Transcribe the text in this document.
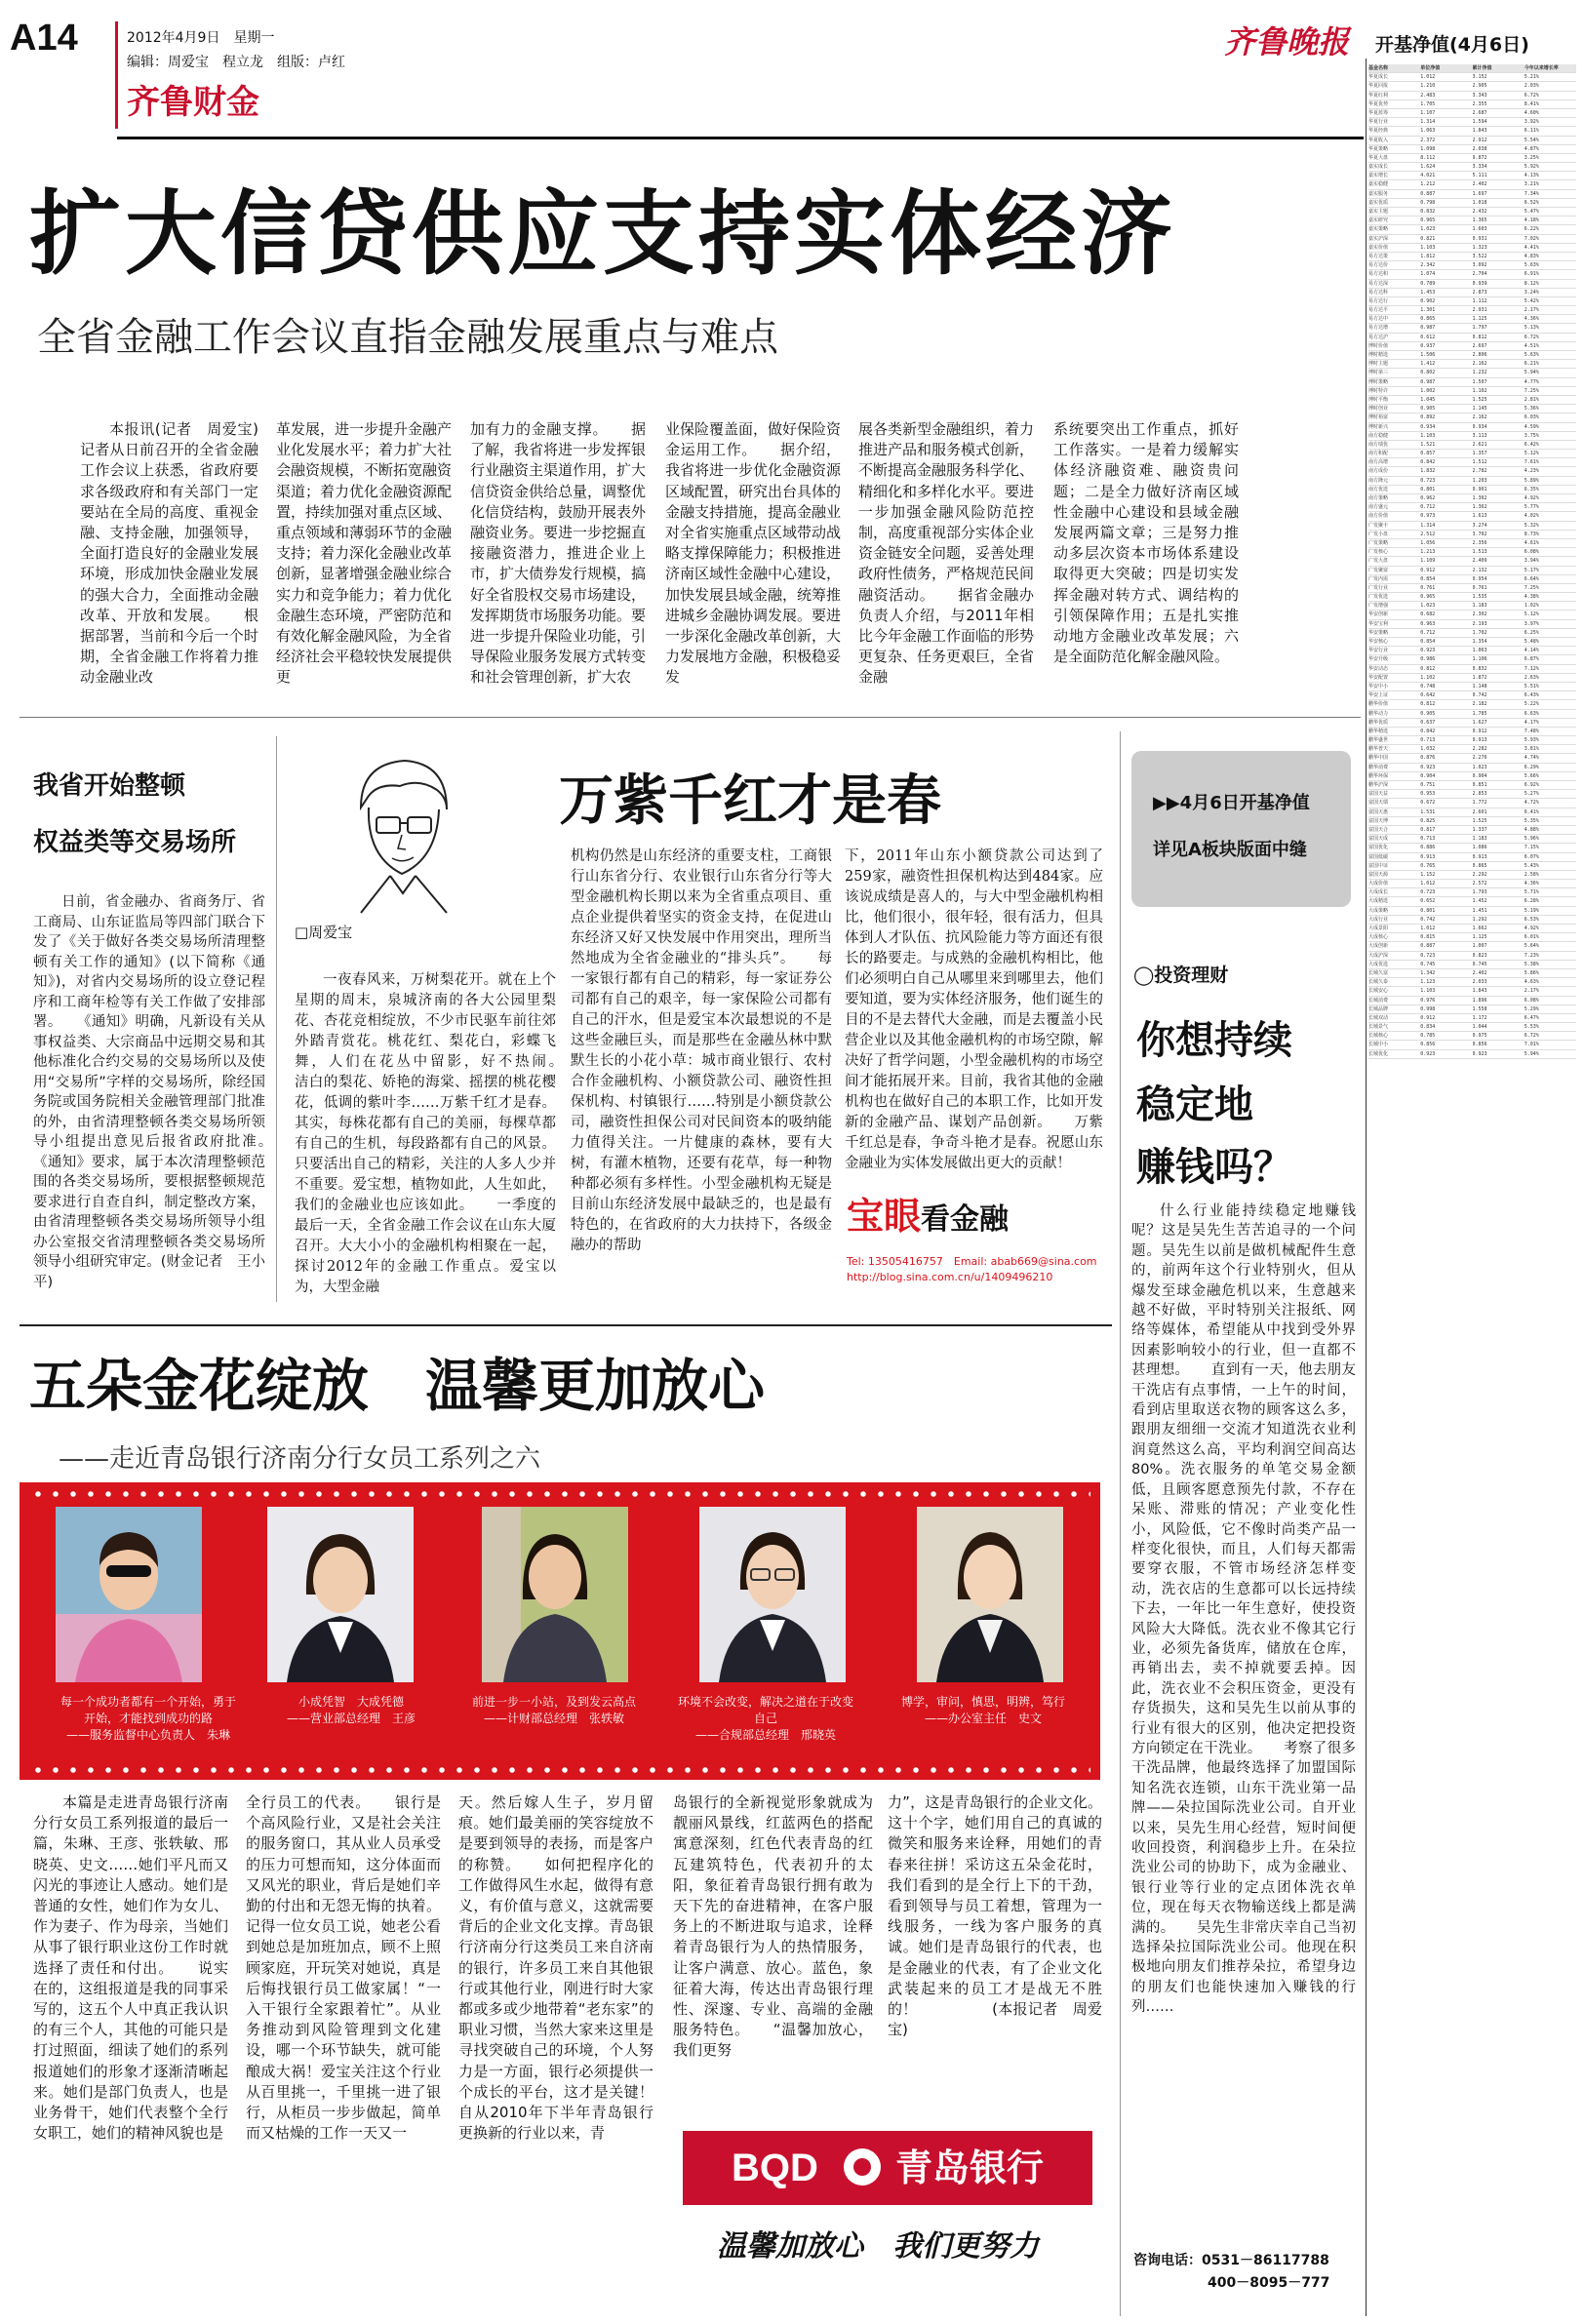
A14	2012年4月9日　 星期一
编辑：周爱宝　程立龙　组版：卢红
齐鲁财金
齐鲁晚报 开基净值(4月6日)
基金名称	单位净值	累计净值	今年以来增长率
华夏成长	1.012	3.152	5.21%
华夏回报	1.210	2.905	2.03%
华夏红利	2.483	3.343	6.72%
华夏优势	1.705	2.355	8.41%
华夏蓝筹	1.107	2.687	4.60%
华夏行业	1.314	1.594	3.92%
华夏经典	1.063	1.843	6.11%
华夏收入	2.372	2.912	5.54%
华夏策略	1.098	2.038	4.87%
华夏大盘	8.112	9.872	3.25%
嘉实成长	1.624	3.334	5.92%
嘉实增长	4.021	5.111	4.13%
嘉实稳健	1.212	2.402	3.21%
嘉实服务	0.887	1.697	7.34%
嘉实优质	0.798	1.018	6.52%
嘉实主题	0.832	2.432	5.47%
嘉实研究	0.965	1.365	4.18%
嘉实策略	1.023	1.603	6.22%
嘉实沪深	0.821	0.931	7.02%
嘉实价值	1.103	1.323	4.41%
易方达策	1.812	3.522	4.83%
易方达价	2.342	3.092	5.63%
易方达积	1.074	2.704	6.91%
易方达深	0.789	0.939	8.12%
易方达科	1.453	2.873	3.24%
易方达行	0.902	1.112	5.42%
易方达平	1.301	2.931	2.17%
易方达中	0.865	1.125	4.36%
易方达增	0.987	1.797	5.13%
易方达沪	0.612	0.812	6.72%
博时价值	0.937	2.697	4.51%
博时精选	1.506	2.806	5.63%
博时主题	1.412	2.162	6.21%
博时第三	0.802	1.232	5.94%
博时策略	0.987	1.507	4.77%
博时特许	1.002	1.102	7.25%
博时平衡	1.045	1.525	2.81%
博时创业	0.905	1.145	5.36%
博时裕富	0.892	2.162	6.03%
博时新兴	0.934	0.934	4.59%
南方稳健	1.103	3.113	3.75%
南方绩优	1.521	2.621	6.42%
南方积配	0.857	1.357	5.12%
南方高增	0.842	1.512	7.61%
南方成份	1.832	2.782	4.23%
南方隆元	0.723	1.203	5.89%
南方优选	0.801	0.901	6.35%
南方策略	0.962	1.302	4.92%
南方盛元	0.712	1.362	5.77%
南方价值	0.973	1.613	4.02%
广发聚丰	1.314	3.274	5.32%
广发小盘	2.512	3.702	8.73%
广发策略	1.056	2.356	4.61%
广发核心	1.213	1.513	6.08%
广发大盘	1.109	2.409	3.94%
广发聚富	0.912	2.132	5.17%
广发内需	0.854	0.954	6.64%
广发行业	0.761	0.761	7.25%
广发优选	0.965	1.535	4.38%
广发增强	1.023	1.183	1.02%
华安创新	0.682	2.302	5.12%
华安宝利	0.963	2.193	3.97%
华安策略	0.712	1.702	6.25%
华安核心	0.854	1.354	5.48%
华安行业	0.923	1.063	4.14%
华安升级	0.986	1.106	6.87%
华安动态	0.812	0.832	7.12%
华安配置	1.102	1.872	2.63%
华安中小	0.748	1.148	5.51%
华安上证	0.642	0.742	6.43%
鹏华价值	0.812	2.182	5.22%
鹏华动力	0.905	1.785	6.63%
鹏华优质	0.637	1.627	4.17%
鹏华精选	0.842	0.912	7.48%
鹏华盛世	0.713	0.913	5.93%
鹏华普天	1.032	2.282	3.81%
鹏华中国	0.876	2.276	4.74%
鹏华消费	0.923	1.023	6.29%
鹏华环保	0.904	0.904	5.66%
鹏华沪深	0.751	0.851	6.92%
富国天益	0.953	2.853	5.27%
富国天瑞	0.672	1.772	4.72%
富国天惠	1.531	2.601	6.41%
富国天博	0.825	1.525	5.35%
富国天合	0.817	1.337	4.88%
富国天成	0.713	1.183	5.96%
富国优化	0.886	1.086	7.15%
富国低碳	0.913	0.913	6.07%
富国中证	0.765	0.865	5.43%
富国天源	1.152	2.292	2.58%
大成价值	1.012	2.572	4.36%
大成成长	0.723	1.793	5.71%
大成精选	0.652	1.452	6.28%
大成策略	0.801	1.451	5.19%
大成行业	0.742	1.292	6.53%
大成景阳	1.012	1.662	4.92%
大成核心	0.815	1.125	6.01%
大成创新	0.887	1.007	5.64%
大成沪深	0.723	0.823	7.23%
大成优选	0.745	0.745	5.38%
长城久富	1.342	2.402	5.86%
长城久泰	1.123	2.033	4.63%
长城安心	1.103	1.843	2.17%
长城消费	0.976	1.896	6.08%
长城品牌	0.998	1.558	5.29%
长城双动	0.912	1.172	6.47%
长城景气	0.834	1.044	5.53%
长城核心	0.785	0.975	6.72%
长城中小	0.856	0.856	7.01%
长城优化	0.923	0.923	5.94%
扩大信贷供应支持实体经济
全省金融工作会议直指金融发展重点与难点
本报讯(记者　周爱宝)记者从日前召开的全省金融工作会议上获悉，省政府要求各级政府和有关部门一定要站在全局的高度、重视金融、支持金融，加强领导，全面打造良好的金融业发展环境，形成加快金融业发展的强大合力，全面推动金融改革、开放和发展。　　根据部署，当前和今后一个时期，全省金融工作将着力推动金融业改
革发展，进一步提升金融产业化发展水平；着力扩大社会融资规模，不断拓宽融资渠道；着力优化金融资源配置，持续加强对重点区域、重点领域和薄弱环节的金融支持；着力深化金融业改革创新，显著增强金融业综合实力和竞争能力；着力优化金融生态环境，严密防范和有效化解金融风险，为全省经济社会平稳较快发展提供更
加有力的金融支撑。　　据了解，我省将进一步发挥银行业融资主渠道作用，扩大信贷资金供给总量，调整优化信贷结构，鼓励开展表外融资业务。要进一步挖掘直接融资潜力，推进企业上市，扩大债券发行规模，搞好全省股权交易市场建设，发挥期货市场服务功能。要进一步提升保险业功能，引导保险业服务发展方式转变和社会管理创新，扩大农
业保险覆盖面，做好保险资金运用工作。　　据介绍，我省将进一步优化金融资源区域配置，研究出台具体的金融支持措施，提高金融业对全省实施重点区域带动战略支撑保障能力；积极推进济南区域性金融中心建设，加快发展县域金融，统筹推进城乡金融协调发展。要进一步深化金融改革创新，大力发展地方金融，积极稳妥发
展各类新型金融组织，着力推进产品和服务模式创新，不断提高金融服务科学化、精细化和多样化水平。要进一步加强金融风险防范控制，高度重视部分实体企业资金链安全问题，妥善处理政府性债务，严格规范民间融资活动。　　据省金融办负责人介绍，与2011年相比今年金融工作面临的形势更复杂、任务更艰巨，全省金融
系统要突出工作重点，抓好工作落实。一是着力缓解实体经济融资难、融资贵问题；二是全力做好济南区域性金融中心建设和县域金融发展两篇文章；三是努力推动多层次资本市场体系建设取得更大突破；四是切实发挥金融对转方式、调结构的引领保障作用；五是扎实推动地方金融业改革发展；六是全面防范化解金融风险。
我省开始整顿
权益类等交易场所
日前，省金融办、省商务厅、省工商局、山东证监局等四部门联合下发了《关于做好各类交易场所清理整顿有关工作的通知》(以下简称《通知》)，对省内交易场所的设立登记程序和工商年检等有关工作做了安排部署。　　《通知》明确，凡新设有关从事权益类、大宗商品中远期交易和其他标准化合约交易的交易场所以及使用“交易所”字样的交易场所，除经国务院或国务院相关金融管理部门批准的外，由省清理整顿各类交易场所领导小组提出意见后报省政府批准。　　《通知》要求，属于本次清理整顿范围的各类交易场所，要根据整顿规范要求进行自查自纠，制定整改方案，由省清理整顿各类交易场所领导小组办公室报交省清理整顿各类交易场所领导小组研究审定。(财金记者　王小平)
□周爱宝
万紫千红才是春
一夜春风来，万树梨花开。就在上个星期的周末，泉城济南的各大公园里梨花、杏花竞相绽放，不少市民驱车前往郊外踏青赏花。桃花红、梨花白，彩蝶飞舞，人们在花丛中留影，好不热闹。　　洁白的梨花、娇艳的海棠、摇摆的桃花樱花，低调的紫叶李……万紫千红才是春。其实，每株花都有自己的美丽，每棵草都有自己的生机，每段路都有自己的风景。只要活出自己的精彩，关注的人多人少并不重要。爱宝想，植物如此，人生如此，我们的金融业也应该如此。　　一季度的最后一天，全省金融工作会议在山东大厦召开。大大小小的金融机构相聚在一起，探讨2012年的金融工作重点。爱宝以为，大型金融
机构仍然是山东经济的重要支柱，工商银行山东省分行、农业银行山东省分行等大型金融机构长期以来为全省重点项目、重点企业提供着坚实的资金支持，在促进山东经济又好又快发展中作用突出，理所当然地成为全省金融业的“排头兵”。　　每一家银行都有自己的精彩，每一家证券公司都有自己的艰辛，每一家保险公司都有自己的汗水，但是爱宝本次最想说的不是这些金融巨头，而是那些在金融丛林中默默生长的小花小草：城市商业银行、农村合作金融机构、小额贷款公司、融资性担保机构、村镇银行……特别是小额贷款公司，融资性担保公司对民间资本的吸纳能力值得关注。一片健康的森林，要有大树，有灌木植物，还要有花草，每一种物种都必须有多样性。小型金融机构无疑是目前山东经济发展中最缺乏的，也是最有特色的，在省政府的大力扶持下，各级金融办的帮助
下，2011年山东小额贷款公司达到了259家，融资性担保机构达到484家。应该说成绩是喜人的，与大中型金融机构相比，他们很小，很年轻，很有活力，但具体到人才队伍、抗风险能力等方面还有很长的路要走。与成熟的金融机构相比，他们必须明白自己从哪里来到哪里去，他们要知道，要为实体经济服务，他们诞生的目的不是去替代大金融，而是去覆盖小民营企业以及其他金融机构的市场空隙，解决好了哲学问题，小型金融机构的市场空间才能拓展开来。目前，我省其他的金融机构也在做好自己的本职工作，比如开发新的金融产品、谋划产品创新。　　万紫千红总是春，争奇斗艳才是春。祝愿山东金融业为实体发展做出更大的贡献！
宝眼看金融
Tel: 13505416757　 Email: abab669@sina.com
http://blog.sina.com.cn/u/1409496210
▶▶4月6日开基净值
详见A板块版面中缝
◯投资理财
你想持续
稳定地
赚钱吗？
什么行业能持续稳定地赚钱呢？这是吴先生苦苦追寻的一个问题。吴先生以前是做机械配件生意的，前两年这个行业特别火，但从爆发至球金融危机以来，生意越来越不好做，平时特别关注报纸、网络等媒体，希望能从中找到受外界因素影响较小的行业，但一直都不甚理想。　　直到有一天，他去朋友干洗店有点事情，一上午的时间，看到店里取送衣物的顾客这么多，跟朋友细细一交流才知道洗衣业利润竟然这么高，平均利润空间高达80%。洗衣服务的单笔交易金额低，且顾客愿意预先付款，不存在呆账、滞账的情况；产业变化性小，风险低，它不像时尚类产品一样变化很快，而且，人们每天都需要穿衣服，不管市场经济怎样变动，洗衣店的生意都可以长远持续下去，一年比一年生意好，使投资风险大大降低。洗衣业不像其它行业，必须先备货库，储放在仓库，再销出去，卖不掉就要丢掉。因此，洗衣业不会积压资金，更没有存货损失，这和吴先生以前从事的行业有很大的区别，他决定把投资方向锁定在干洗业。　　考察了很多干洗品牌，他最终选择了加盟国际知名洗衣连锁，山东干洗业第一品牌——朵拉国际洗业公司。自开业以来，吴先生用心经营，短时间便收回投资，利润稳步上升。在朵拉洗业公司的协助下，成为金融业、银行业等行业的定点团体洗衣单位，现在每天衣物输送线上都是满满的。　　吴先生非常庆幸自己当初选择朵拉国际洗业公司。他现在积极地向朋友们推荐朵拉，希望身边的朋友们也能快速加入赚钱的行列……
咨询电话：0531－86117788
400－8095－777
五朵金花绽放　温馨更加放心
——走近青岛银行济南分行女员工系列之六
每一个成功者都有一个开始，勇于开始，才能找到成功的路
——服务监督中心负责人　朱琳
小成凭智　大成凭德
——营业部总经理　王彦
前进一步一小站，及到发云高点
——计财部总经理　张轶敏
环境不会改变，解决之道在于改变自己
——合规部总经理　邢晓英
博学，审问，慎思，明辨，笃行
——办公室主任　史文
本篇是走进青岛银行济南分行女员工系列报道的最后一篇，朱琳、王彦、张轶敏、邢晓英、史文……她们平凡而又闪光的事迹让人感动。她们是普通的女性，她们作为女儿、作为妻子、作为母亲，当她们从事了银行职业这份工作时就选择了责任和付出。　　说实在的，这组报道是我的同事采写的，这五个人中真正我认识的有三个人，其他的可能只是打过照面，细读了她们的系列报道她们的形象才逐渐清晰起来。她们是部门负责人，也是业务骨干，她们代表整个全行女职工，她们的精神风貌也是
全行员工的代表。　　银行是个高风险行业，又是社会关注的服务窗口，其从业人员承受的压力可想而知，这分体面而又风光的职业，背后是她们辛勤的付出和无怨无悔的执着。记得一位女员工说，她老公看到她总是加班加点，顾不上照顾家庭，开玩笑对她说，真是后悔找银行员工做家属！“一入干银行全家跟着忙”。从业务推动到风险管理到文化建设，哪一个环节缺失，就可能酿成大祸！爱宝关注这个行业从百里挑一，千里挑一进了银行，从柜员一步步做起，简单而又枯燥的工作一天又一
天。然后嫁人生子，岁月留痕。她们最美丽的笑容绽放不是要到领导的表扬，而是客户的称赞。　　如何把程序化的工作做得风生水起，做得有意义，有价值与意义，这就需要背后的企业文化支撑。青岛银行济南分行这类员工来自济南的银行，许多员工来自其他银行或其他行业，刚进行时大家都或多或少地带着“老东家”的职业习惯，当然大家来这里是寻找突破自己的环境，个人努力是一方面，银行必须提供一个成长的平台，这才是关键！　　自从2010年下半年青岛银行更换新的行业以来，青
岛银行的全新视觉形象就成为靓丽风景线，红蓝两色的搭配寓意深刻，红色代表青岛的红瓦建筑特色，代表初升的太阳，象征着青岛银行拥有敢为天下先的奋进精神，在客户服务上的不断进取与追求，诠释着青岛银行为人的热情服务，让客户满意、放心。蓝色，象征着大海，传达出青岛银行理性、深邃、专业、高端的金融服务特色。　　“温馨加放心，我们更努
力”，这是青岛银行的企业文化。这十个字，她们用自己的真诚的微笑和服务来诠释，用她们的青春来往拼！采访这五朵金花时，我们看到的是全行上下的干劲，看到领导与员工着想，管理为一线服务，一线为客户服务的真诚。她们是青岛银行的代表，也是金融业的代表，有了企业文化武装起来的员工才是战无不胜的！　　　　　(本报记者　周爱宝)
BQD 青岛银行
温馨加放心　我们更努力
